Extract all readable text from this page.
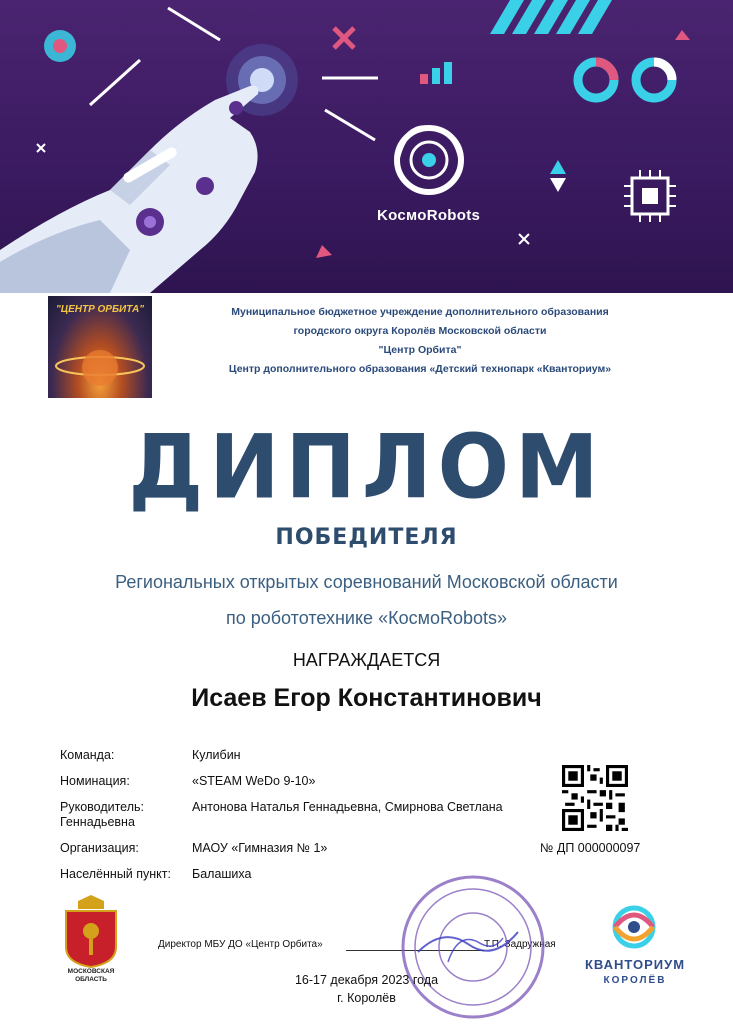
KосмоRobots
"ЦЕНТР ОРБИТА"	Муниципальное бюджетное учреждение дополнительного образования
городского округа Королёв Московской области
"Центр Орбита"
Центр дополнительного образования «Детский технопарк «Кванториум»
ДИПЛОМ
ПОБЕДИТЕЛЯ
Региональных открытых соревнований Московской области
по робототехнике «КосмоRobots»
НАГРАЖДАЕТСЯ
Исаев Егор Константинович
Команда:	Кулибин
Номинация:	«STEAM WeDo 9-10»
Руководитель:	Антонова Наталья Геннадьевна, Смирнова Светлана
Геннадьевна
Организация:	МАОУ «Гимназия № 1»
Населённый пункт: Балашиха
№ ДП 000000097
МОСКОВСКАЯ
ОБЛАСТЬ
Директор МБУ ДО «Центр Орбита»	Т.П. Задружная
16-17 декабря 2023 года
г. Королёв
КВАНТОРИУМ
КОРОЛЁВ
